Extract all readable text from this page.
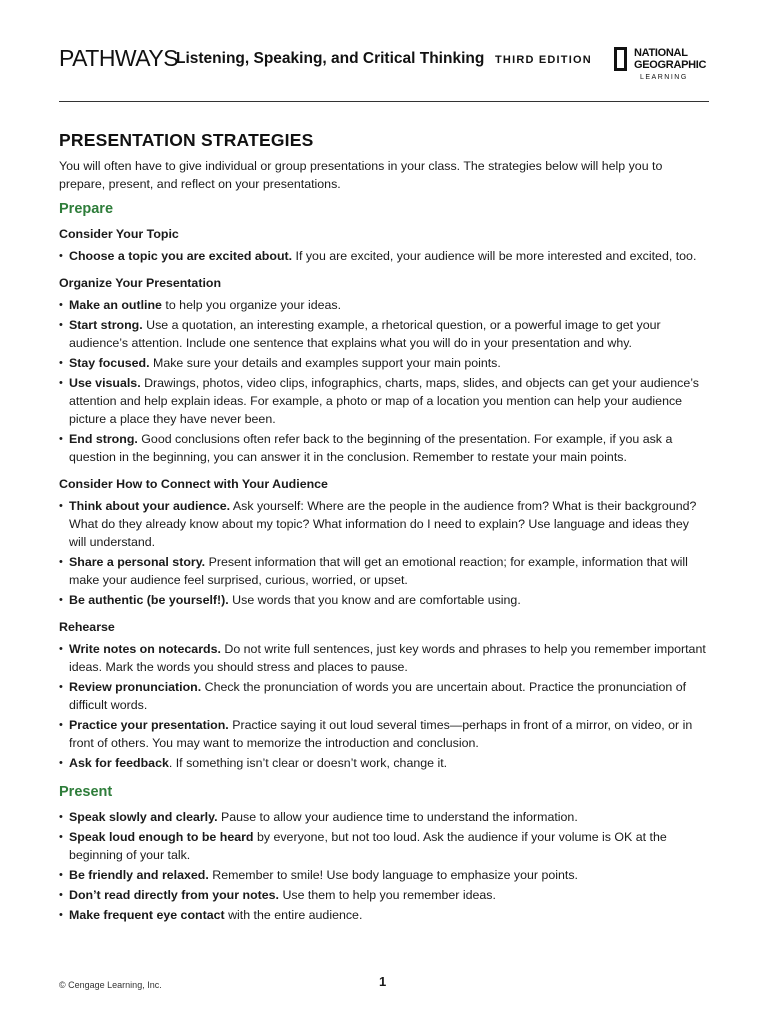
PATHWAYS
Listening, Speaking, and Critical Thinking THIRD EDITION
NATIONAL
GEOGRAPHIC
LEARNING
PRESENTATION STRATEGIES

You will often have to give individual or group presentations in your class. The strategies below will help you to prepare, present, and reflect on your presentations.

Prepare
Consider Your Topic
• Choose a topic you are excited about. If you are excited, your audience will be more interested and excited, too.
Organize Your Presentation
• Make an outline to help you organize your ideas.
• Start strong. Use a quotation, an interesting example, a rhetorical question, or a powerful image to get your audience’s attention. Include one sentence that explains what you will do in your presentation and why.
• Stay focused. Make sure your details and examples support your main points.
• Use visuals. Drawings, photos, video clips, infographics, charts, maps, slides, and objects can get your audience’s attention and help explain ideas. For example, a photo or map of a location you mention can help your audience picture a place they have never been.
• End strong. Good conclusions often refer back to the beginning of the presentation. For example, if you ask a question in the beginning, you can answer it in the conclusion. Remember to restate your main points.
Consider How to Connect with Your Audience
• Think about your audience. Ask yourself: Where are the people in the audience from? What is their background? What do they already know about my topic? What information do I need to explain? Use language and ideas they will understand.
• Share a personal story. Present information that will get an emotional reaction; for example, information that will make your audience feel surprised, curious, worried, or upset.
• Be authentic (be yourself!). Use words that you know and are comfortable using.
Rehearse
• Write notes on notecards. Do not write full sentences, just key words and phrases to help you remember important ideas. Mark the words you should stress and places to pause.
• Review pronunciation. Check the pronunciation of words you are uncertain about. Practice the pronunciation of difficult words.
• Practice your presentation. Practice saying it out loud several times—perhaps in front of a mirror, on video, or in front of others. You may want to memorize the introduction and conclusion.
• Ask for feedback. If something isn’t clear or doesn’t work, change it.
Present
• Speak slowly and clearly. Pause to allow your audience time to understand the information.
• Speak loud enough to be heard by everyone, but not too loud. Ask the audience if your volume is OK at the beginning of your talk.
• Be friendly and relaxed. Remember to smile! Use body language to emphasize your points.
• Don’t read directly from your notes. Use them to help you remember ideas.
• Make frequent eye contact with the entire audience.
© Cengage Learning, Inc.	1
